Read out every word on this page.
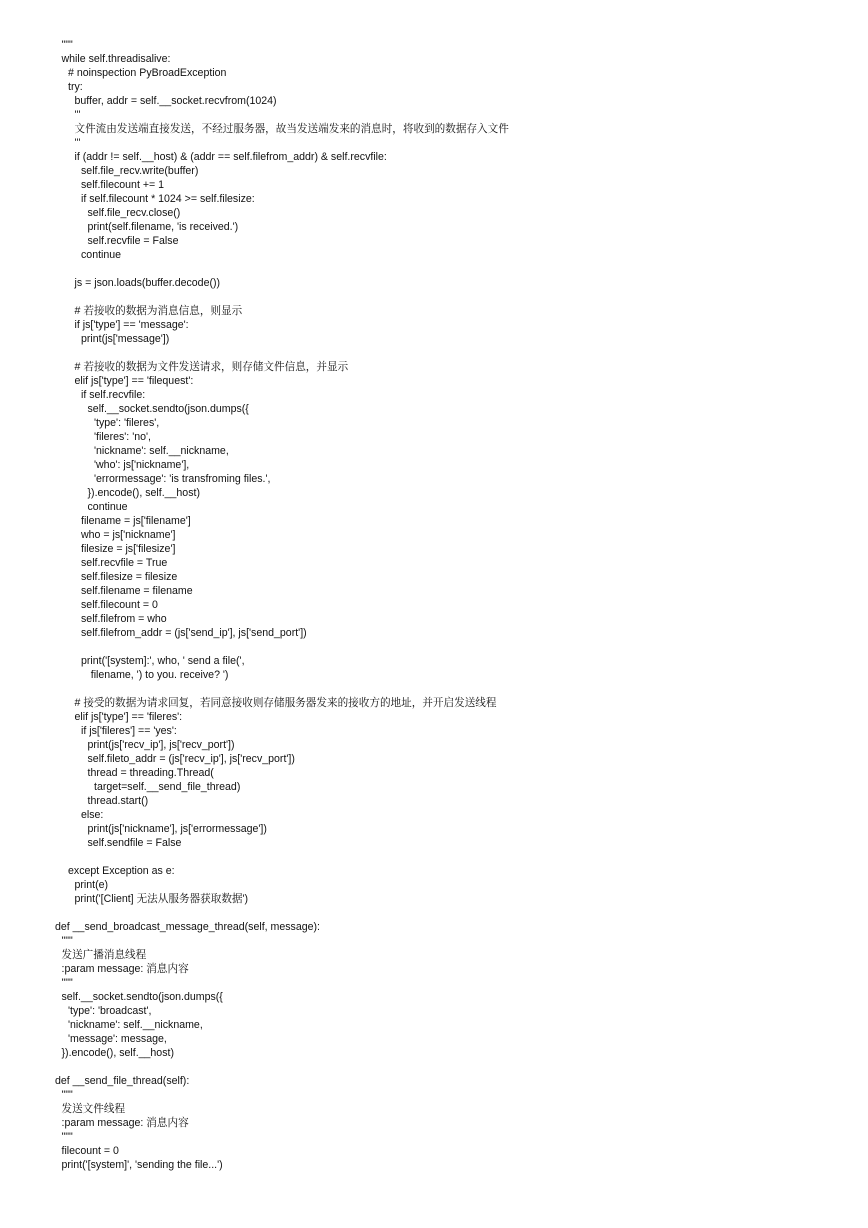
"""
while self.threadisalive:
# noinspection PyBroadException
try:
buffer, addr = self.__socket.recvfrom(1024)
'''
文件流由发送端直接发送，不经过服务器，故当发送端发来的消息时，将收到的数据存入文件
'''
if (addr != self.__host) & (addr == self.filefrom_addr) & self.recvfile:
self.file_recv.write(buffer)
self.filecount += 1
if self.filecount * 1024 >= self.filesize:
self.file_recv.close()
print(self.filename, 'is received.')
self.recvfile = False
continue
js = json.loads(buffer.decode())
# 若接收的数据为消息信息，则显示
if js['type'] == 'message':
print(js['message'])
# 若接收的数据为文件发送请求，则存储文件信息，并显示
elif js['type'] == 'filequest':
if self.recvfile:
self.__socket.sendto(json.dumps({
'type': 'fileres',
'fileres': 'no',
'nickname': self.__nickname,
'who': js['nickname'],
'errormessage': 'is transfroming files.',
}).encode(), self.__host)
continue
filename = js['filename']
who = js['nickname']
filesize = js['filesize']
self.recvfile = True
self.filesize = filesize
self.filename = filename
self.filecount = 0
self.filefrom = who
self.filefrom_addr = (js['send_ip'], js['send_port'])
print('[system]:', who, ' send a file(',
filename, ') to you. receive? ')
# 接受的数据为请求回复，若同意接收则存储服务器发来的接收方的地址，并开启发送线程
elif js['type'] == 'fileres':
if js['fileres'] == 'yes':
print(js['recv_ip'], js['recv_port'])
self.fileto_addr = (js['recv_ip'], js['recv_port'])
thread = threading.Thread(
target=self.__send_file_thread)
thread.start()
else:
print(js['nickname'], js['errormessage'])
self.sendfile = False
except Exception as e:
print(e)
print('[Client] 无法从服务器获取数据')
def __send_broadcast_message_thread(self, message):
"""
发送广播消息线程
:param message: 消息内容
"""
self.__socket.sendto(json.dumps({
'type': 'broadcast',
'nickname': self.__nickname,
'message': message,
}).encode(), self.__host)
def __send_file_thread(self):
"""
发送文件线程
:param message: 消息内容
"""
filecount = 0
print('[system]', 'sending the file...')
